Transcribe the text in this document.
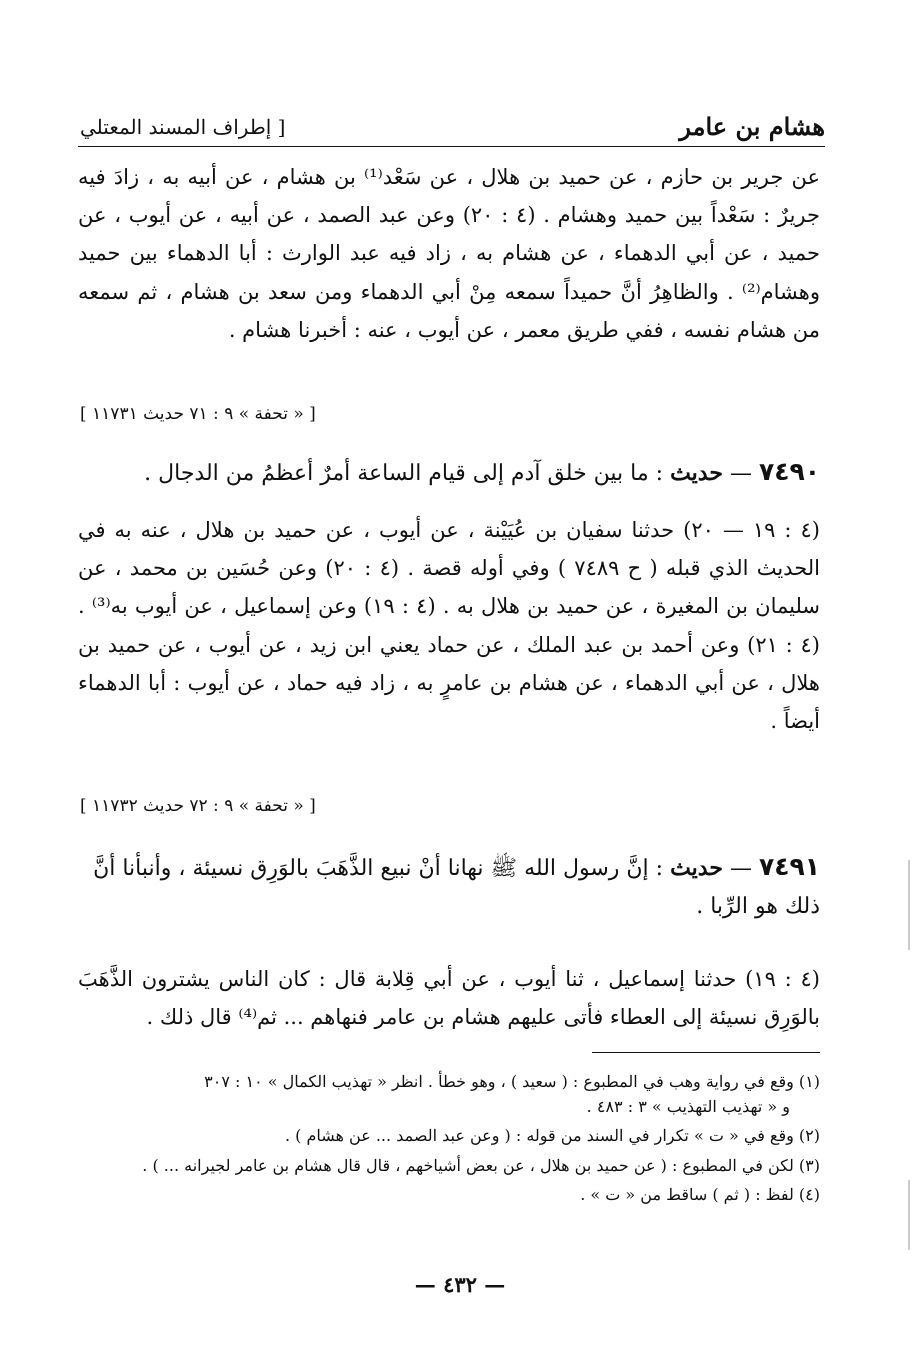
هشام بن عامر
[ إطراف المسند المعتلي
عن جرير بن حازم ، عن حميد بن هلال ، عن سَعْد⁽¹⁾ بن هشام ، عن أبيه به ، زادَ فيه جريرٌ : سَعْداً بين حميد وهشام . (٤ : ٢٠) وعن عبد الصمد ، عن أبيه ، عن أيوب ، عن حميد ، عن أبي الدهماء ، عن هشام به ، زاد فيه عبد الوارث : أبا الدهماء بين حميد وهشام⁽²⁾ . والظاهِرُ أنَّ حميداً سمعه مِنْ أبي الدهماء ومن سعد بن هشام ، ثم سمعه من هشام نفسه ، ففي طريق معمر ، عن أيوب ، عنه : أخبرنا هشام .
[ « تحفة » ٩ : ٧١ حديث ١١٧٣١ ]
٧٤٩٠ — حديث : ما بين خلق آدم إلى قيام الساعة أمرٌ أعظمُ من الدجال .
(٤ : ١٩ — ٢٠) حدثنا سفيان بن عُيَيْنة ، عن أيوب ، عن حميد بن هلال ، عنه به في الحديث الذي قبله ( ح ٧٤٨٩ ) وفي أوله قصة . (٤ : ٢٠) وعن حُسَين بن محمد ، عن سليمان بن المغيرة ، عن حميد بن هلال به . (٤ : ١٩) وعن إسماعيل ، عن أيوب به⁽³⁾ . (٤ : ٢١) وعن أحمد بن عبد الملك ، عن حماد يعني ابن زيد ، عن أيوب ، عن حميد بن هلال ، عن أبي الدهماء ، عن هشام بن عامرٍ به ، زاد فيه حماد ، عن أيوب : أبا الدهماء أيضاً .
[ « تحفة » ٩ : ٧٢ حديث ١١٧٣٢ ]
٧٤٩١ — حديث : إنَّ رسول الله ﷺ نهانا أنْ نبيع الذَّهَبَ بالوَرِق نسيئة ، وأنبأنا أنَّ ذلك هو الرِّبا .
(٤ : ١٩) حدثنا إسماعيل ، ثنا أيوب ، عن أبي قِلابة قال : كان الناس يشترون الذَّهَبَ بالوَرِق نسيئة إلى العطاء فأتى عليهم هشام بن عامر فنهاهم ... ثم⁽⁴⁾ قال ذلك .
(١) وقع في رواية وهب في المطبوع : ( سعيد ) ، وهو خطأ . انظر « تهذيب الكمال » ١٠ : ٣٠٧
و « تهذيب التهذيب » ٣ : ٤٨٣ .
(٢) وقع في « ت » تكرار في السند من قوله : ( وعن عبد الصمد ... عن هشام ) .
(٣) لكن في المطبوع : ( عن حميد بن هلال ، عن بعض أشياخهم ، قال قال هشام بن عامر لجيرانه ... ) .
(٤) لفظ : ( ثم ) ساقط من « ت » .
— ٤٣٢ —
